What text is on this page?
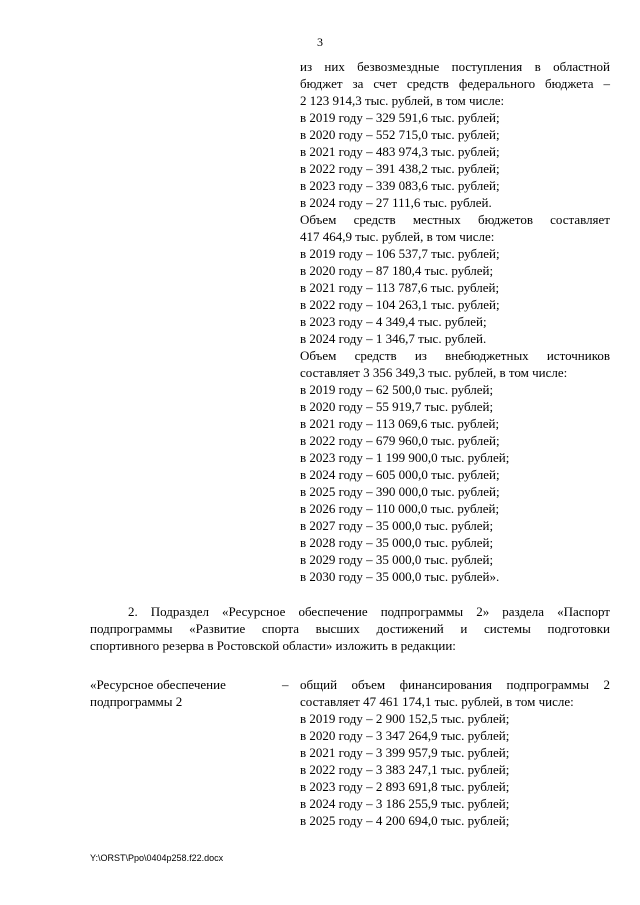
3
из них безвозмездные поступления в областной
бюджет за счет средств федерального бюджета –
2 123 914,3 тыс. рублей, в том числе:
в 2019 году – 329 591,6 тыс. рублей;
в 2020 году – 552 715,0 тыс. рублей;
в 2021 году – 483 974,3 тыс. рублей;
в 2022 году – 391 438,2 тыс. рублей;
в 2023 году – 339 083,6 тыс. рублей;
в 2024 году – 27 111,6 тыс. рублей.
Объем средств местных бюджетов составляет
417 464,9 тыс. рублей, в том числе:
в 2019 году – 106 537,7 тыс. рублей;
в 2020 году – 87 180,4 тыс. рублей;
в 2021 году – 113 787,6 тыс. рублей;
в 2022 году – 104 263,1 тыс. рублей;
в 2023 году – 4 349,4 тыс. рублей;
в 2024 году – 1 346,7 тыс. рублей.
Объем средств из внебюджетных источников
составляет 3 356 349,3 тыс. рублей, в том числе:
в 2019 году – 62 500,0 тыс. рублей;
в 2020 году – 55 919,7 тыс. рублей;
в 2021 году – 113 069,6 тыс. рублей;
в 2022 году – 679 960,0 тыс. рублей;
в 2023 году – 1 199 900,0 тыс. рублей;
в 2024 году – 605 000,0 тыс. рублей;
в 2025 году – 390 000,0 тыс. рублей;
в 2026 году – 110 000,0 тыс. рублей;
в 2027 году – 35 000,0 тыс. рублей;
в 2028 году – 35 000,0 тыс. рублей;
в 2029 году – 35 000,0 тыс. рублей;
в 2030 году – 35 000,0 тыс. рублей».
2. Подраздел «Ресурсное обеспечение подпрограммы 2» раздела «Паспорт
подпрограммы «Развитие спорта высших достижений и системы подготовки
спортивного резерва в Ростовской области» изложить в редакции:
«Ресурсное обеспечение
подпрограммы 2
– общий объем финансирования подпрограммы 2
составляет 47 461 174,1 тыс. рублей, в том числе:
в 2019 году – 2 900 152,5 тыс. рублей;
в 2020 году – 3 347 264,9 тыс. рублей;
в 2021 году – 3 399 957,9 тыс. рублей;
в 2022 году – 3 383 247,1 тыс. рублей;
в 2023 году – 2 893 691,8 тыс. рублей;
в 2024 году – 3 186 255,9 тыс. рублей;
в 2025 году – 4 200 694,0 тыс. рублей;
Y:\ORST\Ppo\0404p258.f22.docx
